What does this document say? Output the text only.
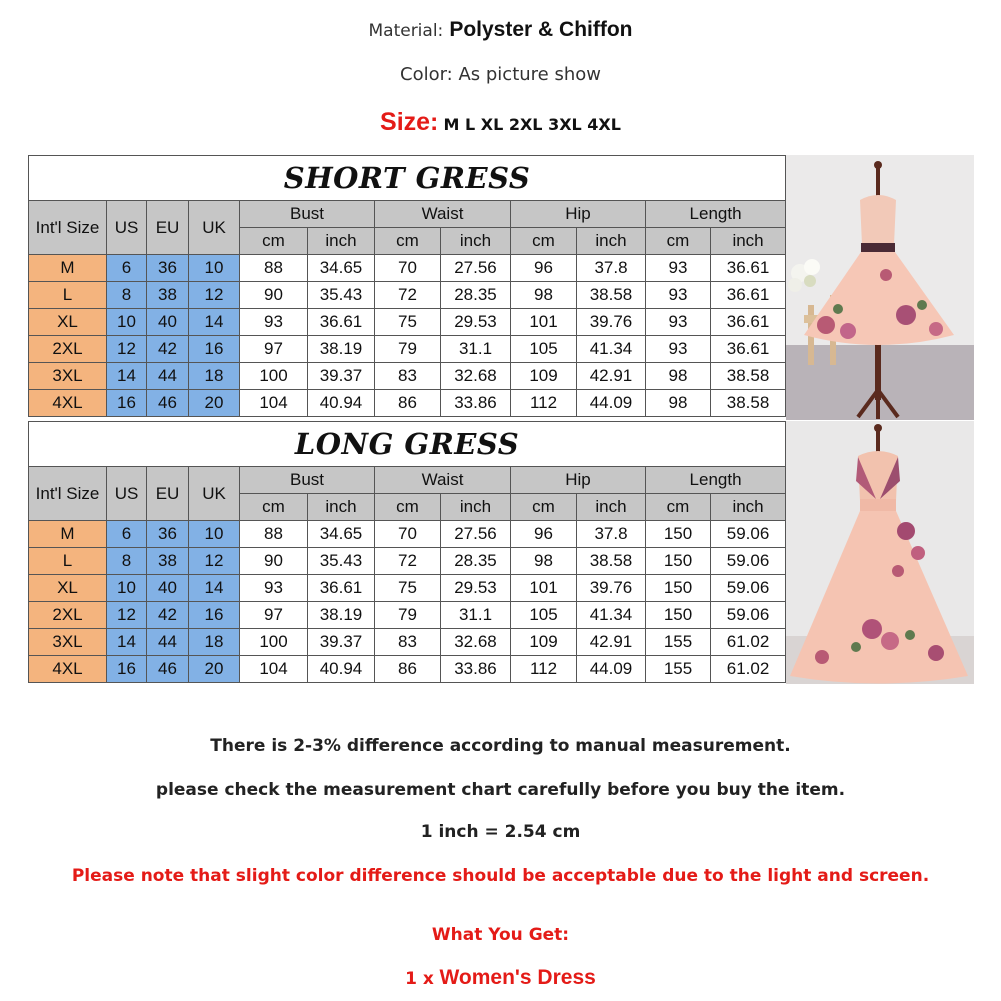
Material: Polyster & Chiffon
Color: As picture show
Size: M L XL 2XL 3XL 4XL
SHORT GRESS											
Int'l Size	US	EU	UK	Bust		Waist		Hip		Length	
				cm	inch	cm	inch	cm	inch	cm	inch
M	6	36	10	88	34.65	70	27.56	96	37.8	93	36.61
L	8	38	12	90	35.43	72	28.35	98	38.58	93	36.61
XL	10	40	14	93	36.61	75	29.53	101	39.76	93	36.61
2XL	12	42	16	97	38.19	79	31.1	105	41.34	93	36.61
3XL	14	44	18	100	39.37	83	32.68	109	42.91	98	38.58
4XL	16	46	20	104	40.94	86	33.86	112	44.09	98	38.58
LONG GRESS											
Int'l Size	US	EU	UK	Bust		Waist		Hip		Length	
				cm	inch	cm	inch	cm	inch	cm	inch
M	6	36	10	88	34.65	70	27.56	96	37.8	150	59.06
L	8	38	12	90	35.43	72	28.35	98	38.58	150	59.06
XL	10	40	14	93	36.61	75	29.53	101	39.76	150	59.06
2XL	12	42	16	97	38.19	79	31.1	105	41.34	150	59.06
3XL	14	44	18	100	39.37	83	32.68	109	42.91	155	61.02
4XL	16	46	20	104	40.94	86	33.86	112	44.09	155	61.02
There is 2-3% difference according to manual measurement.
please check the measurement chart carefully before you buy the item.
1 inch = 2.54 cm
Please note that slight color difference should be acceptable due to the light and screen.
What You Get:
1 x Women's Dress
